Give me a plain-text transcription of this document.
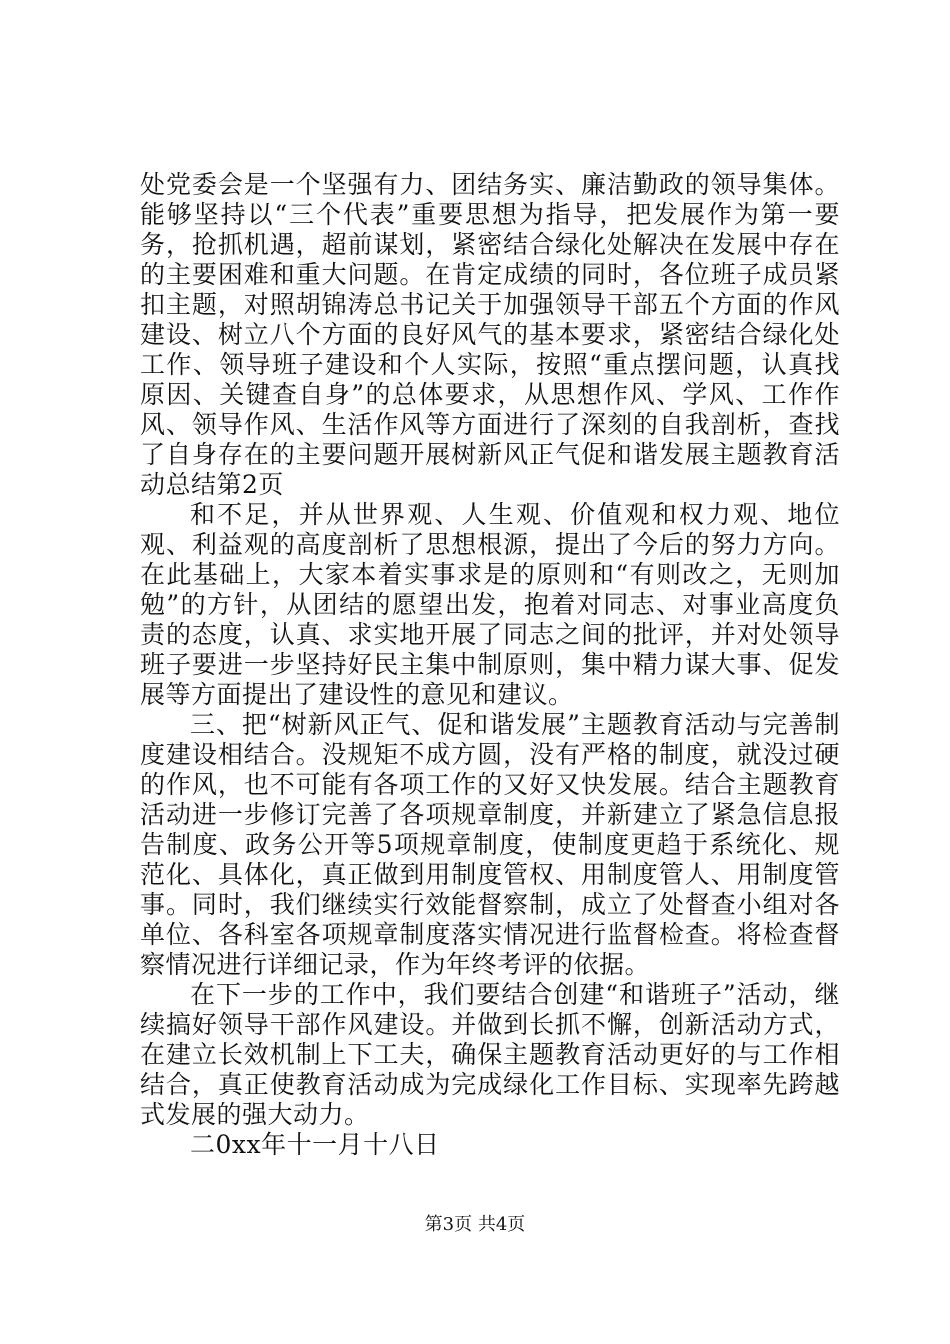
处党委会是一个坚强有力、团结务实、廉洁勤政的领导集体。能够坚持以“三个代表”重要思想为指导，把发展作为第一要务，抢抓机遇，超前谋划，紧密结合绿化处解决在发展中存在的主要困难和重大问题。在肯定成绩的同时，各位班子成员紧扣主题，对照胡锦涛总书记关于加强领导干部五个方面的作风建设、树立八个方面的良好风气的基本要求，紧密结合绿化处工作、领导班子建设和个人实际，按照“重点摆问题，认真找原因、关键查自身”的总体要求，从思想作风、学风、工作作风、领导作风、生活作风等方面进行了深刻的自我剖析，查找了自身存在的主要问题开展树新风正气促和谐发展主题教育活动总结第2页

和不足，并从世界观、人生观、价值观和权力观、地位观、利益观的高度剖析了思想根源，提出了今后的努力方向。在此基础上，大家本着实事求是的原则和“有则改之，无则加勉”的方针，从团结的愿望出发，抱着对同志、对事业高度负责的态度，认真、求实地开展了同志之间的批评，并对处领导班子要进一步坚持好民主集中制原则，集中精力谋大事、促发展等方面提出了建设性的意见和建议。

三、把“树新风正气、促和谐发展”主题教育活动与完善制度建设相结合。没规矩不成方圆，没有严格的制度，就没过硬的作风，也不可能有各项工作的又好又快发展。结合主题教育活动进一步修订完善了各项规章制度，并新建立了紧急信息报告制度、政务公开等5项规章制度，使制度更趋于系统化、规范化、具体化，真正做到用制度管权、用制度管人、用制度管事。同时，我们继续实行效能督察制，成立了处督查小组对各单位、各科室各项规章制度落实情况进行监督检查。将检查督察情况进行详细记录，作为年终考评的依据。

在下一步的工作中，我们要结合创建“和谐班子”活动，继续搞好领导干部作风建设。并做到长抓不懈，创新活动方式，在建立长效机制上下工夫，确保主题教育活动更好的与工作相结合，真正使教育活动成为完成绿化工作目标、实现率先跨越式发展的强大动力。

二0xx年十一月十八日

第3页 共4页
